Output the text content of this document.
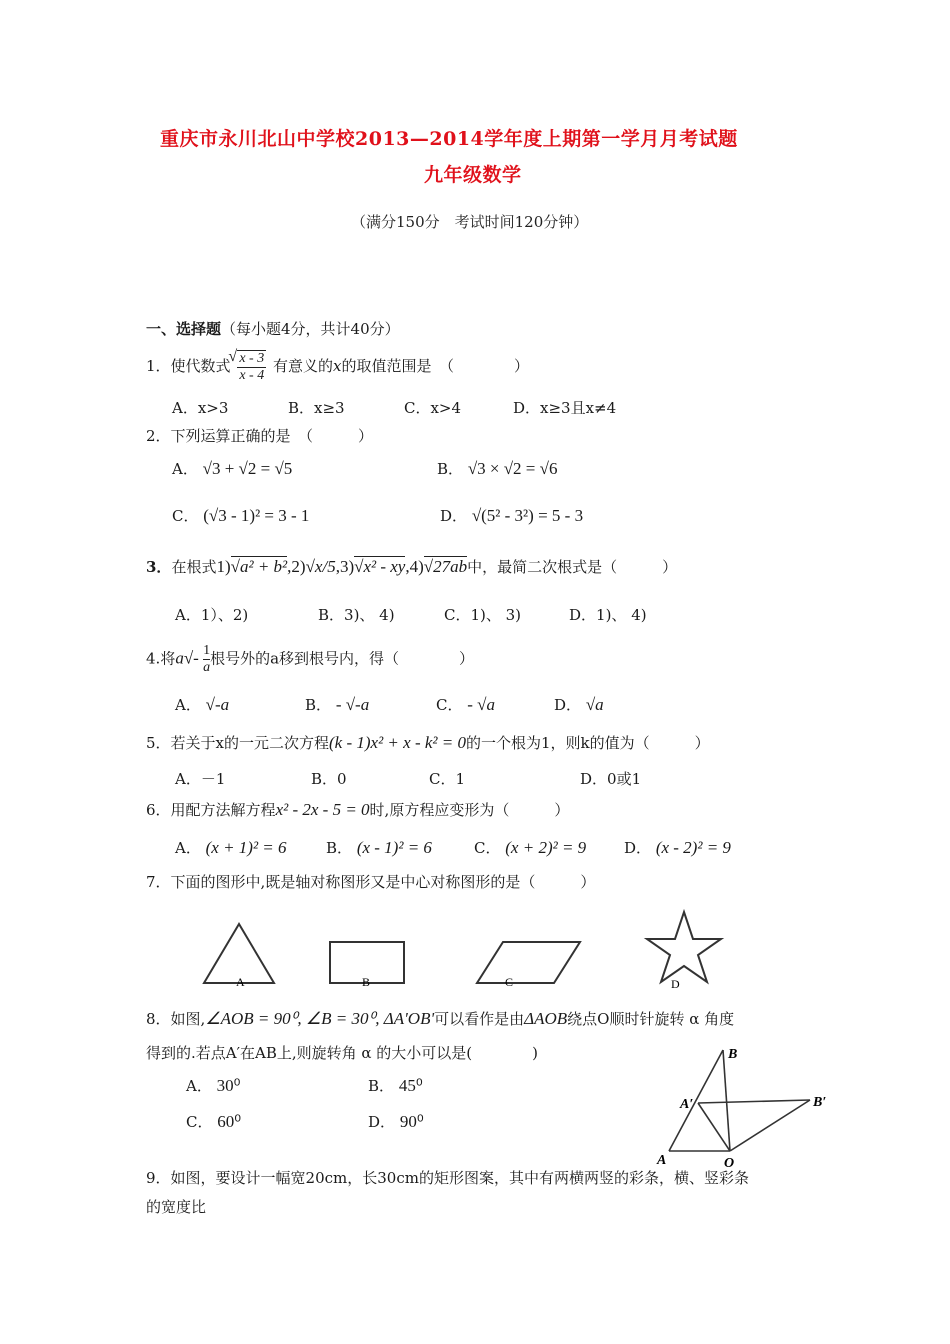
重庆市永川北山中学校2013—2014学年度上期第一学月月考试题
九年级数学
（满分150分　考试时间120分钟）
一、选择题（每小题4分，共计40分）
1．使代数式 $\frac{√ x - 3}{x - 4}$ 有意义的x的取值范围是　（　　　　）
A．x>3	B．x≥3	C．x>4	D．x≥3且x≠4
2．下列运算正确的是　（　　　）
A． √3 + √2 = √5	B． √3 × √2 = √6
C． (√3 - 1)² = 3 - 1	D． √(5² - 3²) = 5 - 3
3．在根式1)√a² + b²,2)√x/5,3)√x² - xy,4)√27ab中，最简二次根式是（　　　）
A．1）、2)	B．3)、 4)	C．1)、 3)	D．1)、 4)
4.将$a√- \frac{1}{a}$ 根号外的a移到根号内，得（　　　　）
A． √-a	B． - √-a	C． - √a	D． √a
5．若关于x的一元二次方程(k - 1)x² + x - k² = 0的一个根为1，则k的值为（　　　）
A．－1	B．0	C．1	D．0或1
6．用配方法解方程x² - 2x - 5 = 0时,原方程应变形为（　　　）
A． (x + 1)² = 6	B． (x - 1)² = 6	C． (x + 2)² = 9	D． (x - 2)² = 9
7．下面的图形中,既是轴对称图形又是中心对称图形的是（　　　）
A	B	C	D
8．如图,∠AOB = 90⁰, ∠B = 30⁰, ΔA'OB'可以看作是由ΔAOB绕点O顺时针旋转 α 角度
得到的.若点A′在AB上,则旋转角 α 的大小可以是(　　　　)
A． 30⁰	B． 45⁰
C． 60⁰	D． 90⁰
B
A′	B′
A	O
9．如图，要设计一幅宽20cm，长30cm的矩形图案，其中有两横两竖的彩条，横、竖彩条
的宽度比
